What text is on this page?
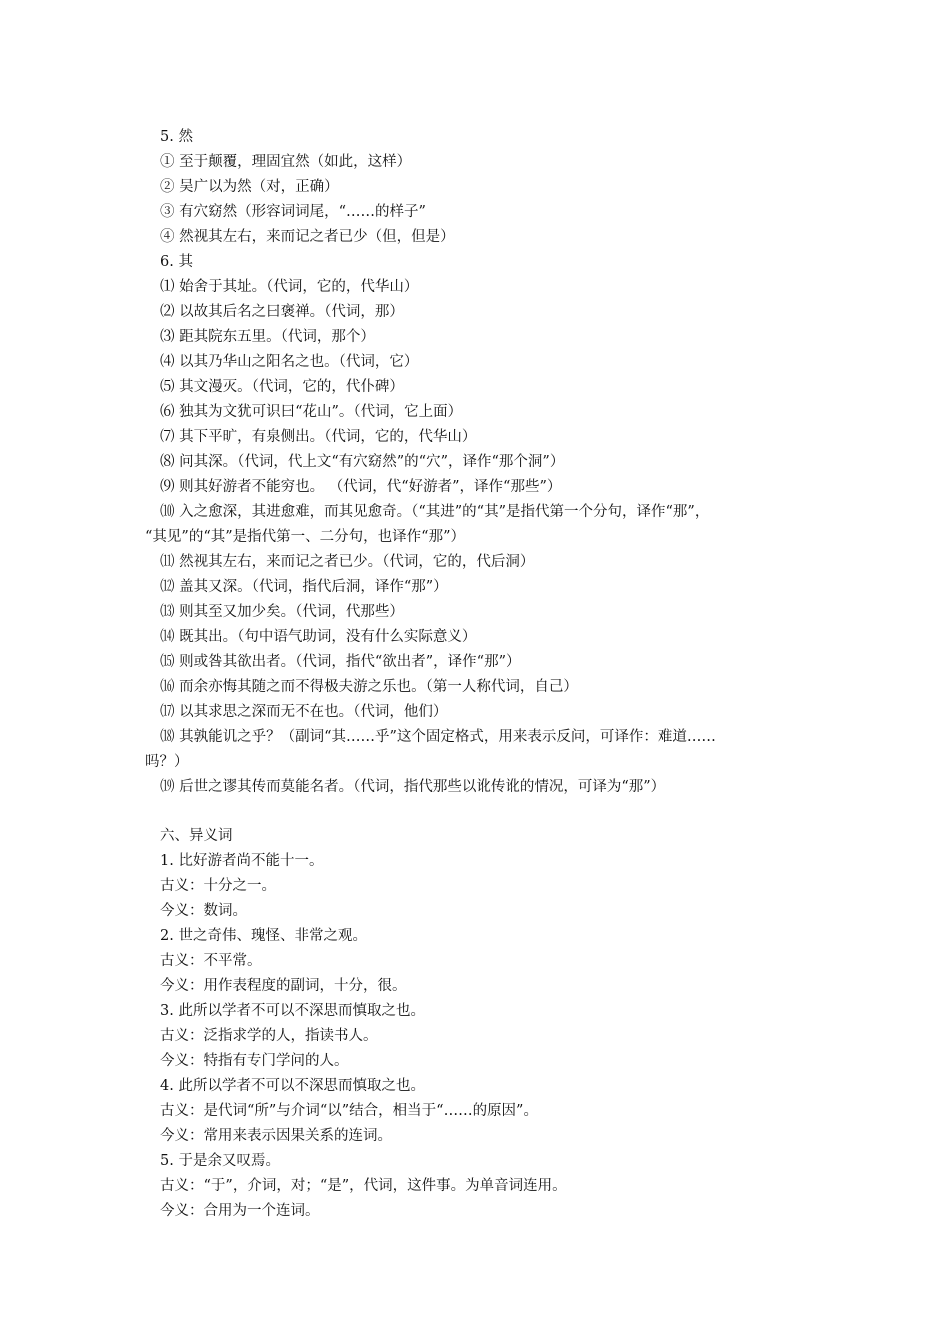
5. 然
① 至于颠覆，理固宜然（如此，这样）
② 吴广以为然（对，正确）
③ 有穴窈然（形容词词尾，“……的样子”
④ 然视其左右，来而记之者已少（但，但是）
6. 其
⑴ 始舍于其址。（代词，它的，代华山）
⑵ 以故其后名之曰褒禅。（代词，那）
⑶ 距其院东五里。（代词，那个）
⑷ 以其乃华山之阳名之也。（代词，它）
⑸ 其文漫灭。（代词，它的，代仆碑）
⑹ 独其为文犹可识曰“花山”。（代词，它上面）
⑺ 其下平旷，有泉侧出。（代词，它的，代华山）
⑻ 问其深。（代词，代上文“有穴窈然”的“穴”，译作“那个洞”）
⑼ 则其好游者不能穷也。 （代词，代“好游者”，译作“那些”）
⑽ 入之愈深，其进愈难，而其见愈奇。（“其进”的“其”是指代第一个分句，译作“那”，
“其见”的“其”是指代第一、二分句，也译作“那”）
⑾ 然视其左右，来而记之者已少。（代词，它的，代后洞）
⑿ 盖其又深。（代词，指代后洞，译作“那”）
⒀ 则其至又加少矣。（代词，代那些）
⒁ 既其出。（句中语气助词，没有什么实际意义）
⒂ 则或咎其欲出者。（代词，指代“欲出者”，译作“那”）
⒃ 而余亦悔其随之而不得极夫游之乐也。（第一人称代词，自己）
⒄ 以其求思之深而无不在也。（代词，他们）
⒅ 其孰能讥之乎？（副词“其……乎”这个固定格式，用来表示反问，可译作：难道……
吗？）
⒆ 后世之谬其传而莫能名者。（代词，指代那些以讹传讹的情况，可译为“那”）
六、异义词
1. 比好游者尚不能十一。
古义：十分之一。
今义：数词。
2. 世之奇伟、瑰怪、非常之观。
古义：不平常。
今义：用作表程度的副词，十分，很。
3. 此所以学者不可以不深思而慎取之也。
古义：泛指求学的人，指读书人。
今义：特指有专门学问的人。
4. 此所以学者不可以不深思而慎取之也。
古义：是代词“所”与介词“以”结合，相当于“……的原因”。
今义：常用来表示因果关系的连词。
5. 于是余又叹焉。
古义：“于”，介词，对；“是”，代词，这件事。为单音词连用。
今义：合用为一个连词。
